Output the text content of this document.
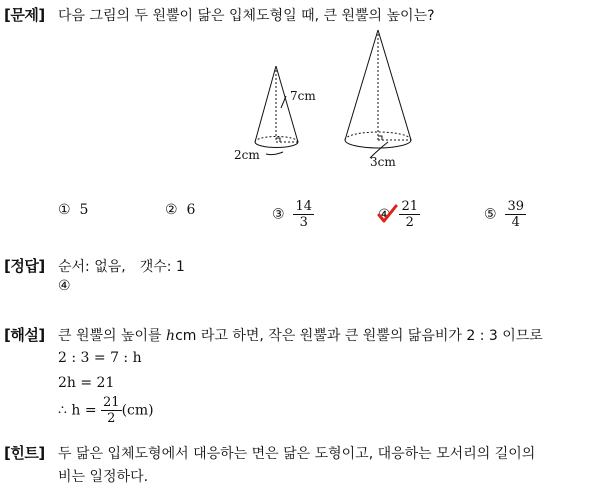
[문제] 다음 그림의 두 원뿔이 닮은 입체도형일 때, 큰 원뿔의 높이는?
7cm
2cm	3cm
① 5	② 6	③ $\frac{14}{3}$	④
$\frac{21}{2}$	⑤ $\frac{39}{4}$
[정답] 순서: 없음,　갯수: 1
④
[해설] 큰 원뿔의 높이를 hcm 라고 하면, 작은 원뿔과 큰 원뿔의 닮음비가 2 : 3 이므로
2 : 3 = 7 : h
2h = 21
∴ $h = \frac{21}{2} (cm)$
[힌트] 두 닮은 입체도형에서 대응하는 면은 닮은 도형이고, 대응하는 모서리의 길이의
비는 일정하다.
